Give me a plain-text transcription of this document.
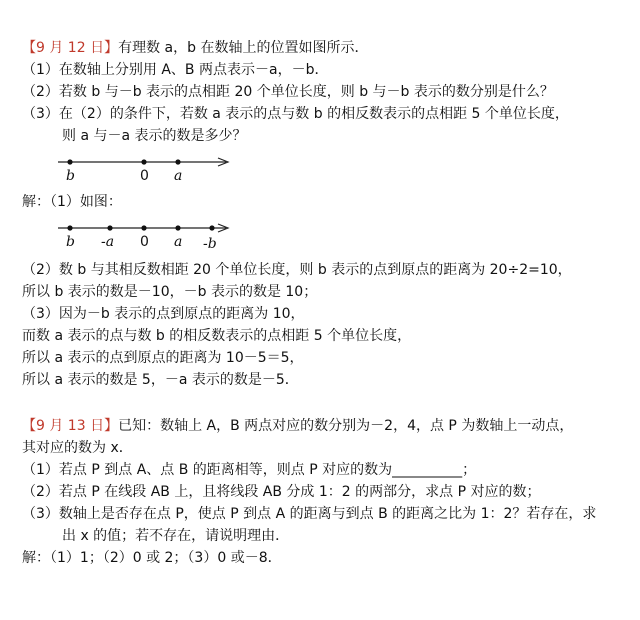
【9 月 12 日】有理数 a，b 在数轴上的位置如图所示．
（1）在数轴上分别用 A、B 两点表示－a，－b．
（2）若数 b 与－b 表示的点相距 20 个单位长度，则 b 与－b 表示的数分别是什么？
（3）在（2）的条件下，若数 a 表示的点与数 b 的相反数表示的点相距 5 个单位长度，
则 a 与－a 表示的数是多少？
b	0 a
解：（1）如图：
b -a 0 a -b
（2）数 b 与其相反数相距 20 个单位长度，则 b 表示的点到原点的距离为 20÷2=10，
所以 b 表示的数是－10，－b 表示的数是 10；
（3）因为－b 表示的点到原点的距离为 10，
而数 a 表示的点与数 b 的相反数表示的点相距 5 个单位长度，
所以 a 表示的点到原点的距离为 10－5＝5，
所以 a 表示的数是 5，－a 表示的数是－5．
【9 月 13 日】已知：数轴上 A，B 两点对应的数分别为－2，4，点 P 为数轴上一动点，
其对应的数为 x．
（1）若点 P 到点 A、点 B 的距离相等，则点 P 对应的数为__________；
（2）若点 P 在线段 AB 上，且将线段 AB 分成 1：2 的两部分，求点 P 对应的数；
（3）数轴上是否存在点 P，使点 P 到点 A 的距离与到点 B 的距离之比为 1：2？若存在，求
出 x 的值；若不存在，请说明理由．
解：（1）1；（2）0 或 2；（3）0 或－8．
